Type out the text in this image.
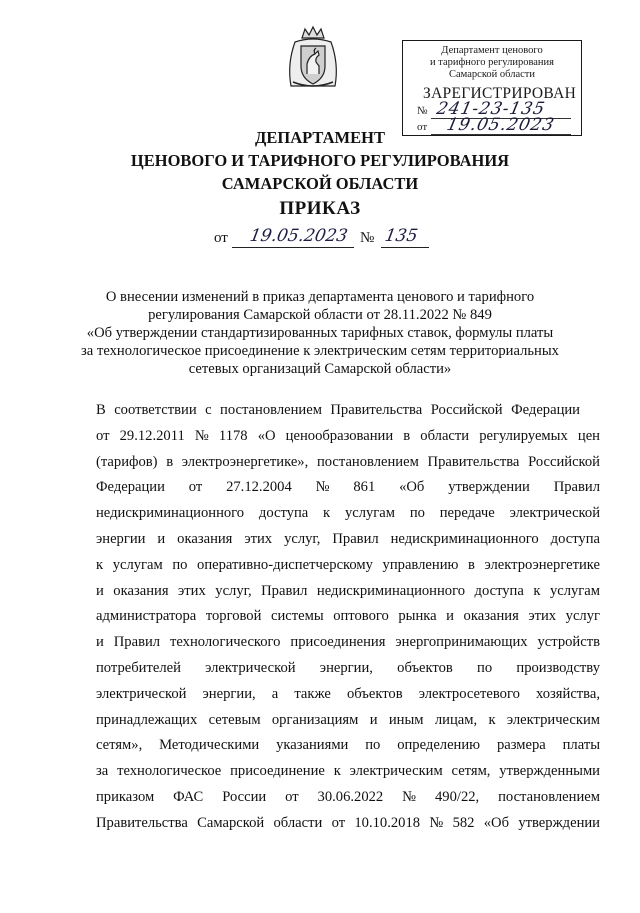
Департамент ценового
и тарифного регулирования
Самарской области
ЗАРЕГИСТРИРОВАН
№ 241-23-135
от 19.05.2023
ДЕПАРТАМЕНТ
ЦЕНОВОГО И ТАРИФНОГО РЕГУЛИРОВАНИЯ
САМАРСКОЙ ОБЛАСТИ
ПРИКАЗ
от 19.05.2023 № 135
О внесении изменений в приказ департамента ценового и тарифного
регулирования Самарской области от 28.11.2022 № 849
«Об утверждении стандартизированных тарифных ставок, формулы платы
за технологическое присоединение к электрическим сетям территориальных
сетевых организаций Самарской области»
В соответствии с постановлением Правительства Российской Федерации
от 29.12.2011 № 1178 «О ценообразовании в области регулируемых цен
(тарифов) в электроэнергетике», постановлением Правительства Российской
Федерации от 27.12.2004 № 861 «Об утверждении Правил
недискриминационного доступа к услугам по передаче электрической
энергии и оказания этих услуг, Правил недискриминационного доступа
к услугам по оперативно-диспетчерскому управлению в электроэнергетике
и оказания этих услуг, Правил недискриминационного доступа к услугам
администратора торговой системы оптового рынка и оказания этих услуг
и Правил технологического присоединения энергопринимающих устройств
потребителей электрической энергии, объектов по производству
электрической энергии, а также объектов электросетевого хозяйства,
принадлежащих сетевым организациям и иным лицам, к электрическим
сетям», Методическими указаниями по определению размера платы
за технологическое присоединение к электрическим сетям, утвержденными
приказом ФАС России от 30.06.2022 № 490/22, постановлением
Правительства Самарской области от 10.10.2018 № 582 «Об утверждении
